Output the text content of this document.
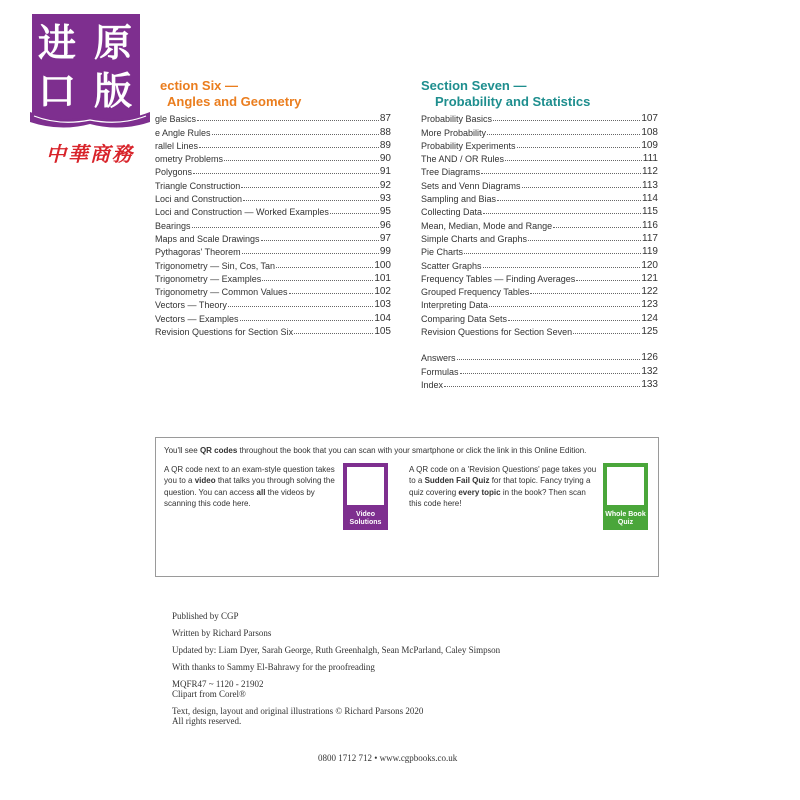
进 原
口 版
中華商務
ection Six —
Angles and Geometry
gle Basics	87
e Angle Rules	88
rallel Lines	89
ometry Problems	90
Polygons	91
Triangle Construction	92
Loci and Construction	93
Loci and Construction — Worked Examples	95
Bearings	96
Maps and Scale Drawings	97
Pythagoras' Theorem	99
Trigonometry — Sin, Cos, Tan	100
Trigonometry — Examples	101
Trigonometry — Common Values	102
Vectors — Theory	103
Vectors — Examples	104
Revision Questions for Section Six	105
Section Seven —
Probability and Statistics
Probability Basics	107
More Probability	108
Probability Experiments	109
The AND / OR Rules	111
Tree Diagrams	112
Sets and Venn Diagrams	113
Sampling and Bias	114
Collecting Data	115
Mean, Median, Mode and Range	116
Simple Charts and Graphs	117
Pie Charts	119
Scatter Graphs	120
Frequency Tables — Finding Averages	121
Grouped Frequency Tables	122
Interpreting Data	123
Comparing Data Sets	124
Revision Questions for Section Seven	125
Answers	126
Formulas	132
Index	133
You'll see QR codes throughout the book that you can scan with your smartphone or click the link in this Online Edition.
A QR code next to an exam-style question takes you to a video that talks you through solving the question. You can access all the videos by scanning this code here.
Video Solutions
A QR code on a 'Revision Questions' page takes you to a Sudden Fail Quiz for that topic. Fancy trying a quiz covering every topic in the book? Then scan this code here!
Whole Book Quiz
Published by CGP
Written by Richard Parsons
Updated by: Liam Dyer, Sarah George, Ruth Greenhalgh, Sean McParland, Caley Simpson
With thanks to Sammy El-Bahrawy for the proofreading
MQFR47 ~ 1120 - 21902
Clipart from Corel®
Text, design, layout and original illustrations © Richard Parsons 2020
All rights reserved.
0800 1712 712 • www.cgpbooks.co.uk
